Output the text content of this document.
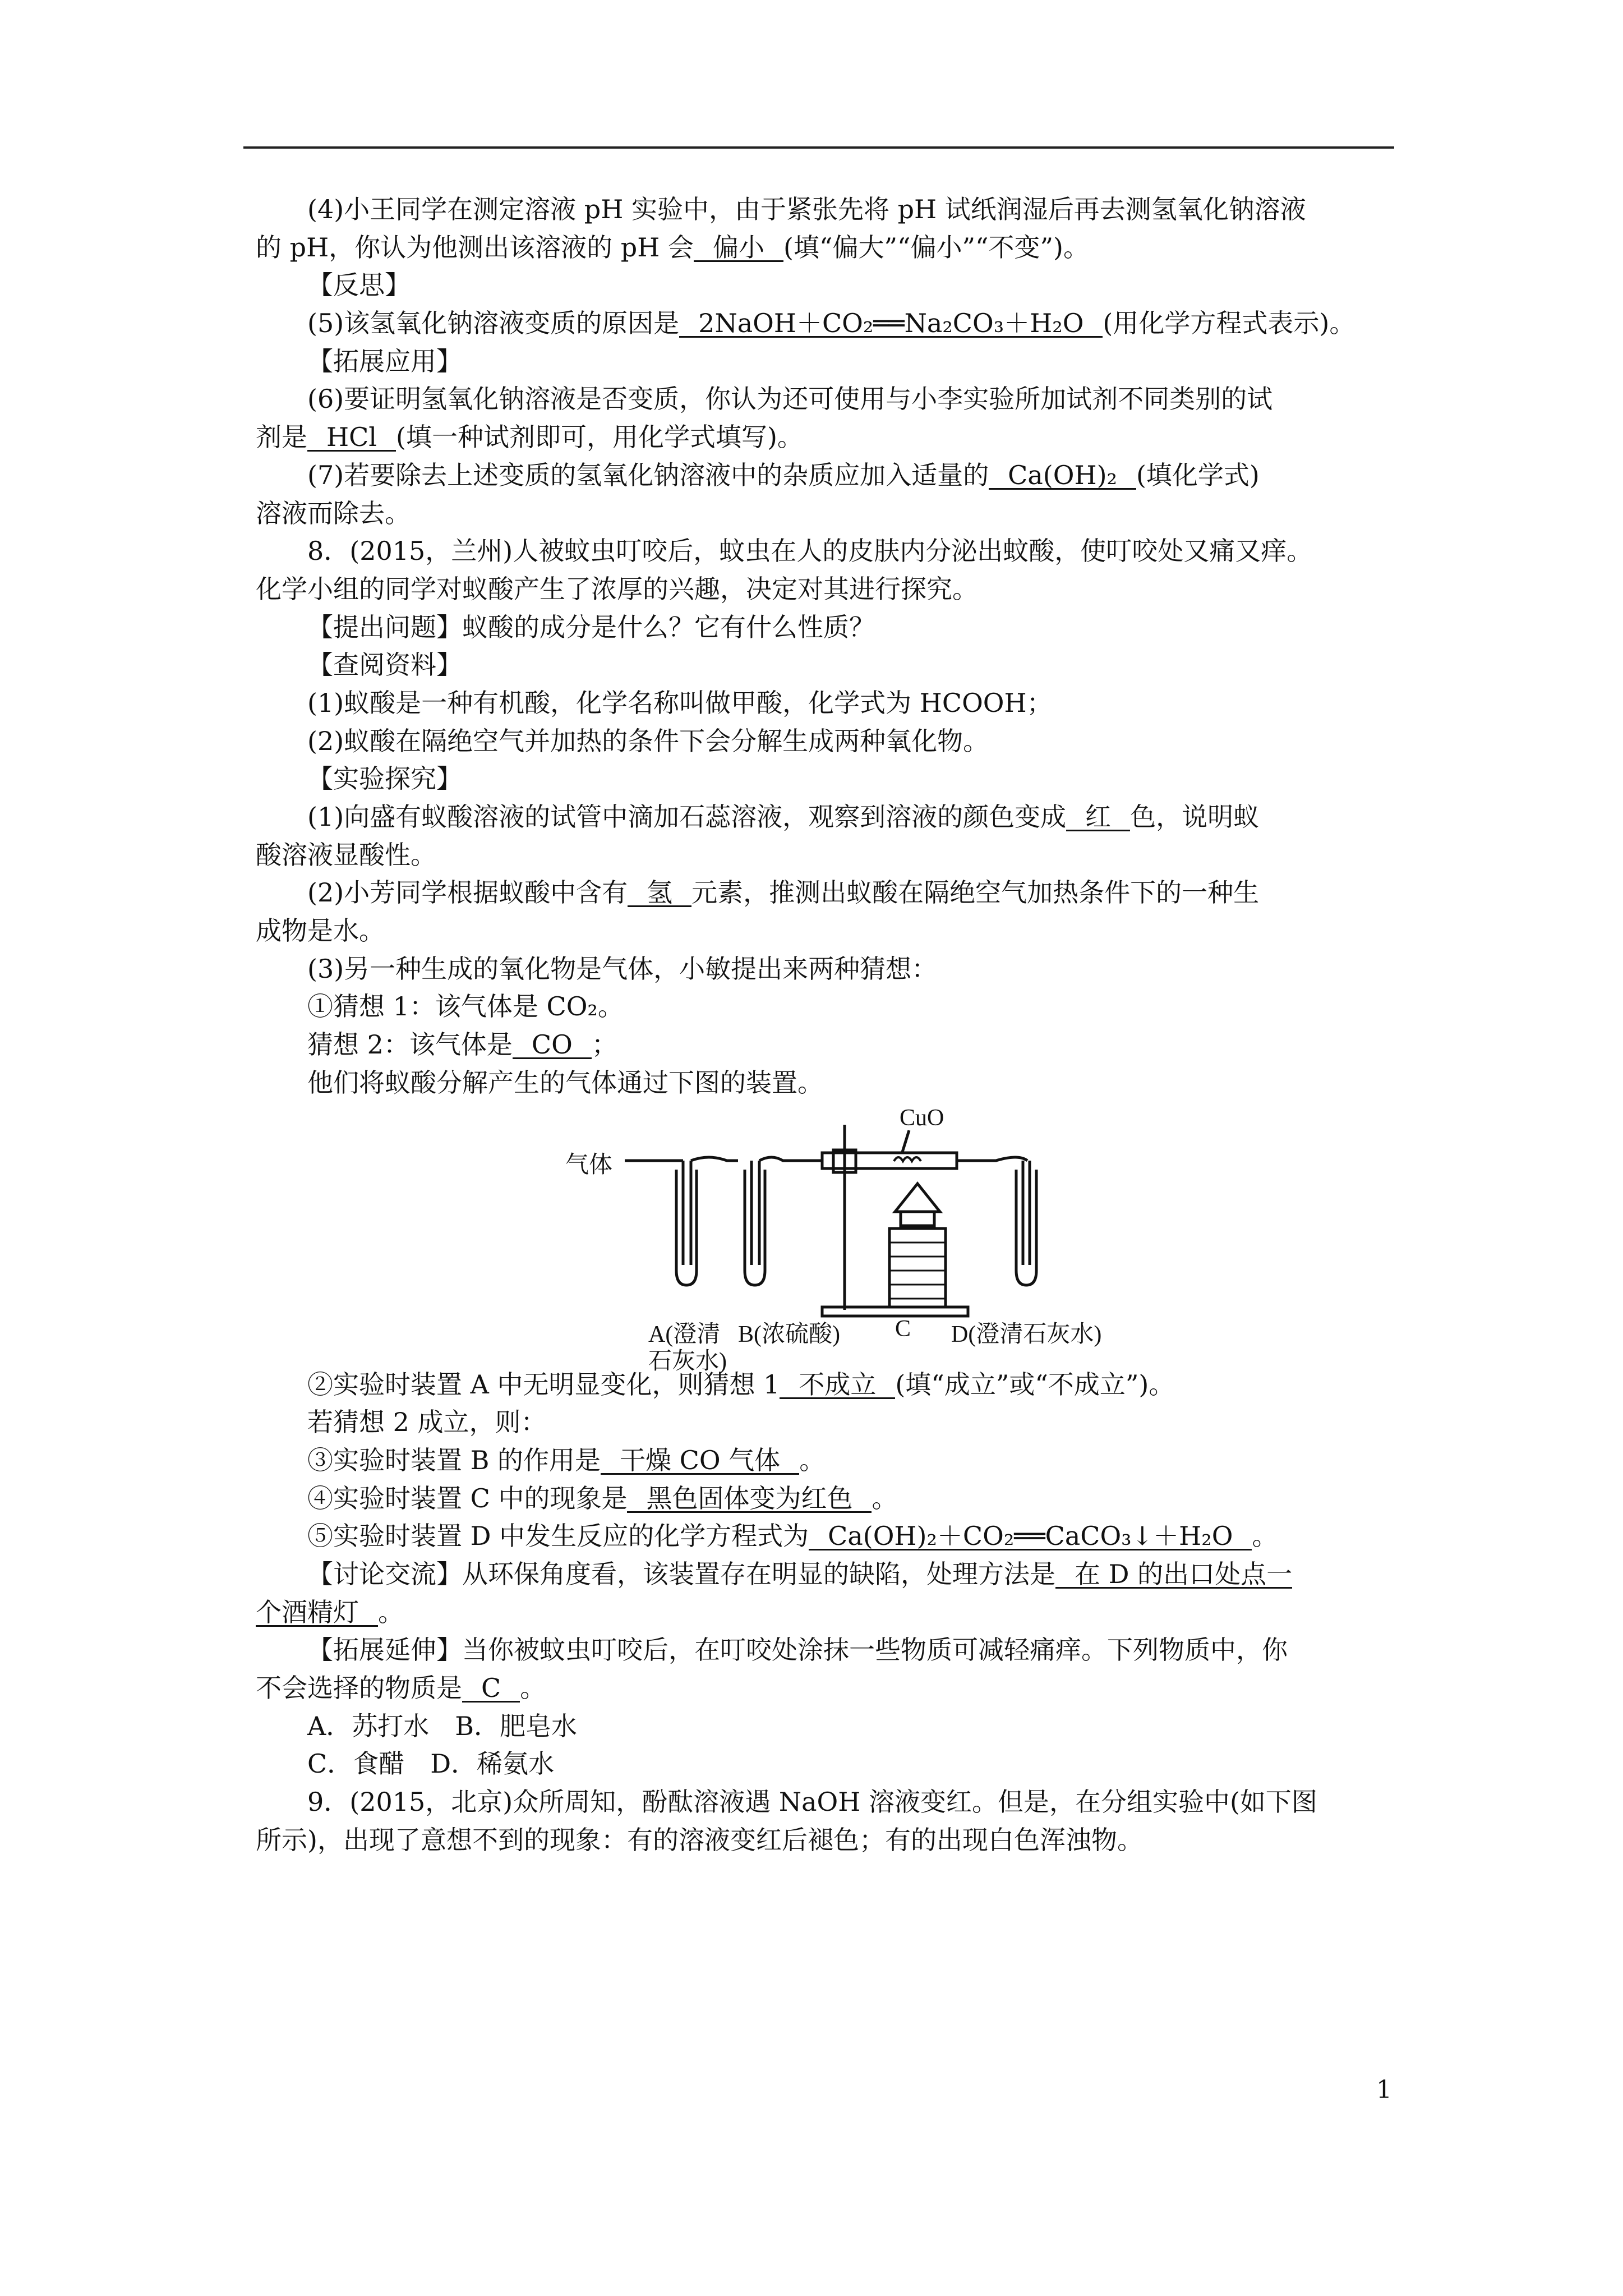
(4)小王同学在测定溶液 pH 实验中，由于紧张先将 pH 试纸润湿后再去测氢氧化钠溶液
的 pH，你认为他测出该溶液的 pH 会 偏小 (填“偏大”“偏小”“不变”)。
【反思】
(5)该氢氧化钠溶液变质的原因是 2NaOH＋CO₂══Na₂CO₃＋H₂O (用化学方程式表示)。
【拓展应用】
(6)要证明氢氧化钠溶液是否变质，你认为还可使用与小李实验所加试剂不同类别的试
剂是 HCl (填一种试剂即可，用化学式填写)。
(7)若要除去上述变质的氢氧化钠溶液中的杂质应加入适量的 Ca(OH)₂ (填化学式)
溶液而除去。
8．(2015，兰州)人被蚊虫叮咬后，蚊虫在人的皮肤内分泌出蚊酸，使叮咬处又痛又痒。
化学小组的同学对蚁酸产生了浓厚的兴趣，决定对其进行探究。
【提出问题】蚁酸的成分是什么？它有什么性质？
【查阅资料】
(1)蚁酸是一种有机酸，化学名称叫做甲酸，化学式为 HCOOH；
(2)蚁酸在隔绝空气并加热的条件下会分解生成两种氧化物。
【实验探究】
(1)向盛有蚁酸溶液的试管中滴加石蕊溶液，观察到溶液的颜色变成 红 色，说明蚁
酸溶液显酸性。
(2)小芳同学根据蚁酸中含有 氢 元素，推测出蚁酸在隔绝空气加热条件下的一种生
成物是水。
(3)另一种生成的氧化物是气体，小敏提出来两种猜想：
①猜想 1：该气体是 CO₂。
猜想 2：该气体是 CO ；
他们将蚁酸分解产生的气体通过下图的装置。
气体
CuO
A(澄清
石灰水)
B(浓硫酸) C D(澄清石灰水)
②实验时装置 A 中无明显变化，则猜想 1 不成立 (填“成立”或“不成立”)。
若猜想 2 成立，则：
③实验时装置 B 的作用是 干燥 CO 气体 。
④实验时装置 C 中的现象是 黑色固体变为红色 。
⑤实验时装置 D 中发生反应的化学方程式为 Ca(OH)₂＋CO₂══CaCO₃↓＋H₂O 。
【讨论交流】从环保角度看，该装置存在明显的缺陷，处理方法是 在 D 的出口处点一
个酒精灯 。
【拓展延伸】当你被蚊虫叮咬后，在叮咬处涂抹一些物质可减轻痛痒。下列物质中，你
不会选择的物质是 C 。
A．苏打水　B．肥皂水
C．食醋　D．稀氨水
9．(2015，北京)众所周知，酚酞溶液遇 NaOH 溶液变红。但是，在分组实验中(如下图
所示)，出现了意想不到的现象：有的溶液变红后褪色；有的出现白色浑浊物。
1
